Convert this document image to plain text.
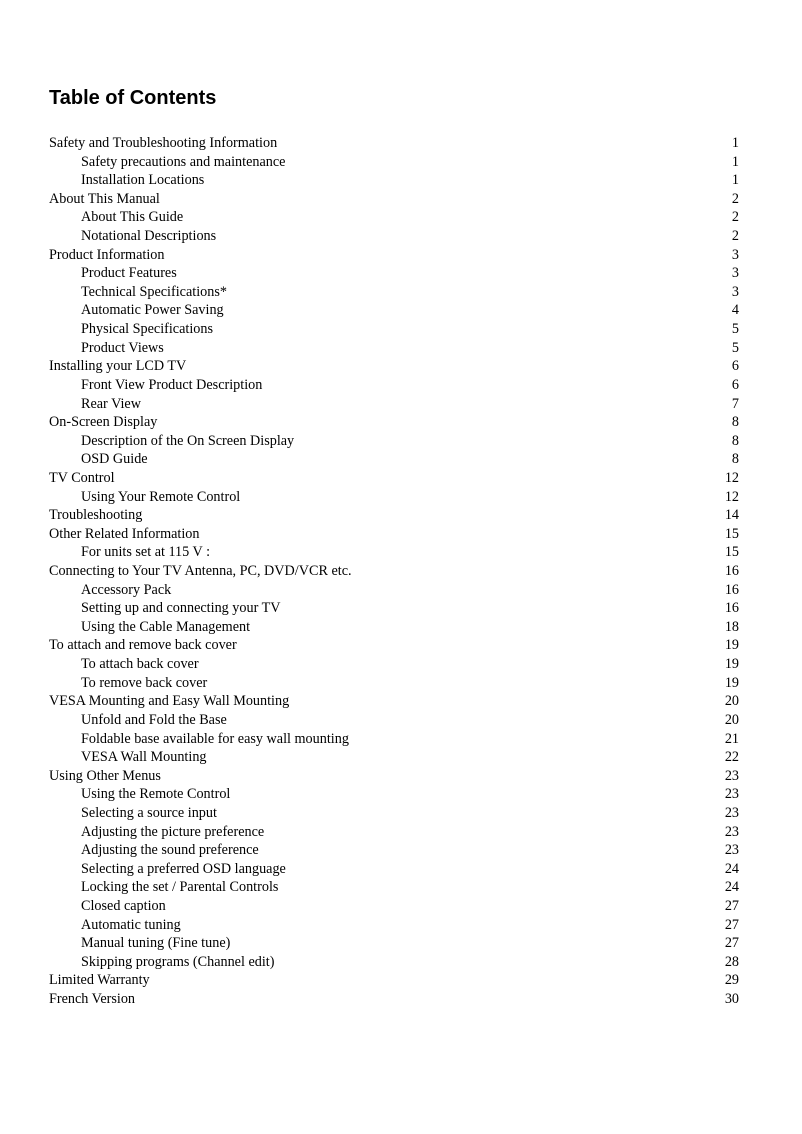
Table of Contents
Safety and Troubleshooting Information	1
Safety precautions and maintenance	1
Installation Locations	1
About This Manual	2
About This Guide	2
Notational Descriptions	2
Product Information	3
Product Features	3
Technical Specifications*	3
Automatic Power Saving	4
Physical Specifications	5
Product Views	5
Installing your LCD TV	6
Front View Product Description	6
Rear View	7
On-Screen Display	8
Description of the On Screen Display	8
OSD Guide	8
TV Control	12
Using Your Remote Control	12
Troubleshooting	14
Other Related Information	15
For units set at 115 V :	15
Connecting to Your TV Antenna, PC, DVD/VCR etc.	16
Accessory Pack	16
Setting up and connecting your TV	16
Using the Cable Management	18
To attach and remove back cover	19
To attach back cover	19
To remove back cover	19
VESA Mounting and Easy Wall Mounting	20
Unfold and Fold the Base	20
Foldable base available for easy wall mounting	21
VESA Wall Mounting	22
Using Other Menus	23
Using the Remote Control	23
Selecting a source input	23
Adjusting the picture preference	23
Adjusting the sound preference	23
Selecting a preferred OSD language	24
Locking the set / Parental Controls	24
Closed caption	27
Automatic tuning	27
Manual tuning (Fine tune)	27
Skipping programs (Channel edit)	28
Limited Warranty	29
French Version	30
